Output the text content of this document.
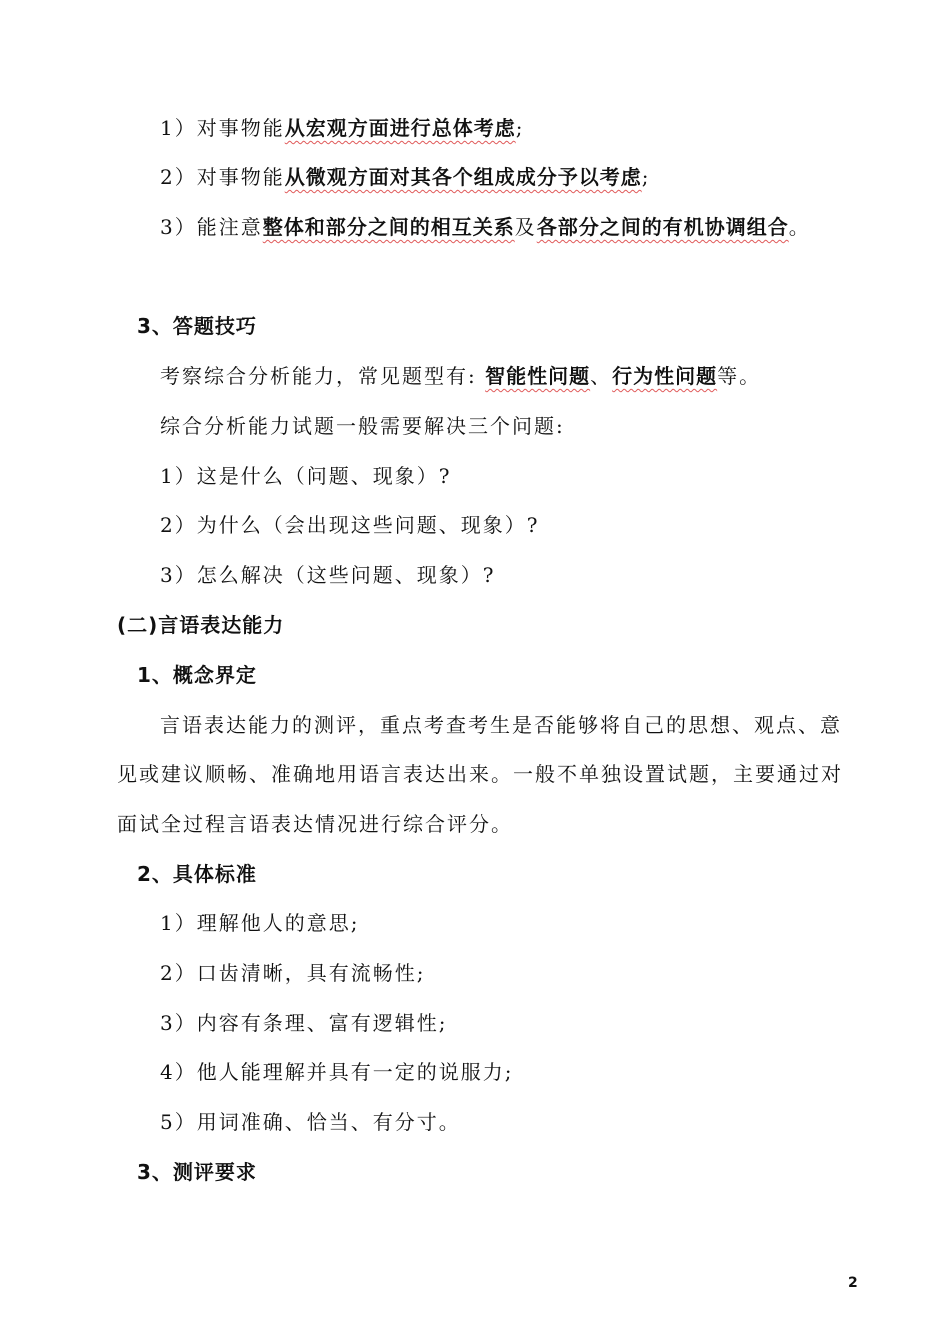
1）对事物能从宏观方面进行总体考虑;
2）对事物能从微观方面对其各个组成成分予以考虑;
3）能注意整体和部分之间的相互关系及各部分之间的有机协调组合。
3、答题技巧
考察综合分析能力，常见题型有: 智能性问题、行为性问题等。
综合分析能力试题一般需要解决三个问题:
1）这是什么（问题、现象）?
2）为什么（会出现这些问题、现象）?
3）怎么解决（这些问题、现象）?
(二)言语表达能力
1、概念界定
言语表达能力的测评，重点考查考生是否能够将自己的思想、观点、意
见或建议顺畅、准确地用语言表达出来。一般不单独设置试题，主要通过对
面试全过程言语表达情况进行综合评分。
2、具体标准
1）理解他人的意思;
2）口齿清晰，具有流畅性;
3）内容有条理、富有逻辑性;
4）他人能理解并具有一定的说服力;
5）用词准确、恰当、有分寸。
3、测评要求
2
